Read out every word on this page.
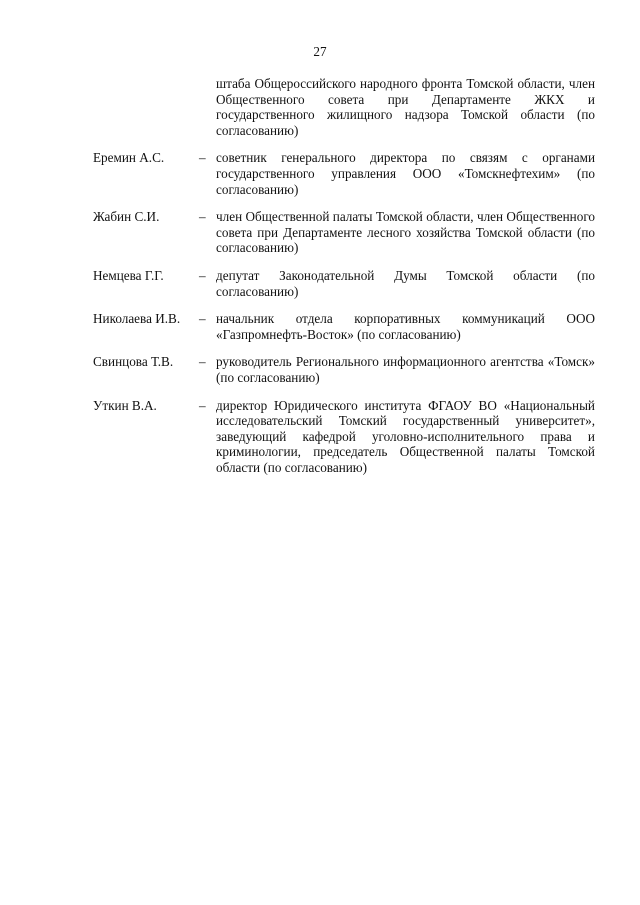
27
штаба Общероссийского народного фронта Томской области, член Общественного совета при Департаменте ЖКХ и государственного жилищного надзора Томской области (по согласованию)
Еремин А.С.	– советник генерального директора по связям с органами государственного управления ООО «Томскнефтехим» (по согласованию)
Жабин С.И.	– член Общественной палаты Томской области, член Общественного совета при Департаменте лесного хозяйства Томской области (по согласованию)
Немцева Г.Г.	– депутат Законодательной Думы Томской области (по согласованию)
Николаева И.В.	– начальник отдела корпоративных коммуникаций ООО «Газпромнефть-Восток» (по согласованию)
Свинцова Т.В.	– руководитель Регионального информационного агентства «Томск» (по согласованию)
Уткин В.А.	– директор Юридического института ФГАОУ ВО «Национальный исследовательский Томский государственный университет», заведующий кафедрой уголовно-исполнительного права и криминологии, председатель Общественной палаты Томской области (по согласованию)
